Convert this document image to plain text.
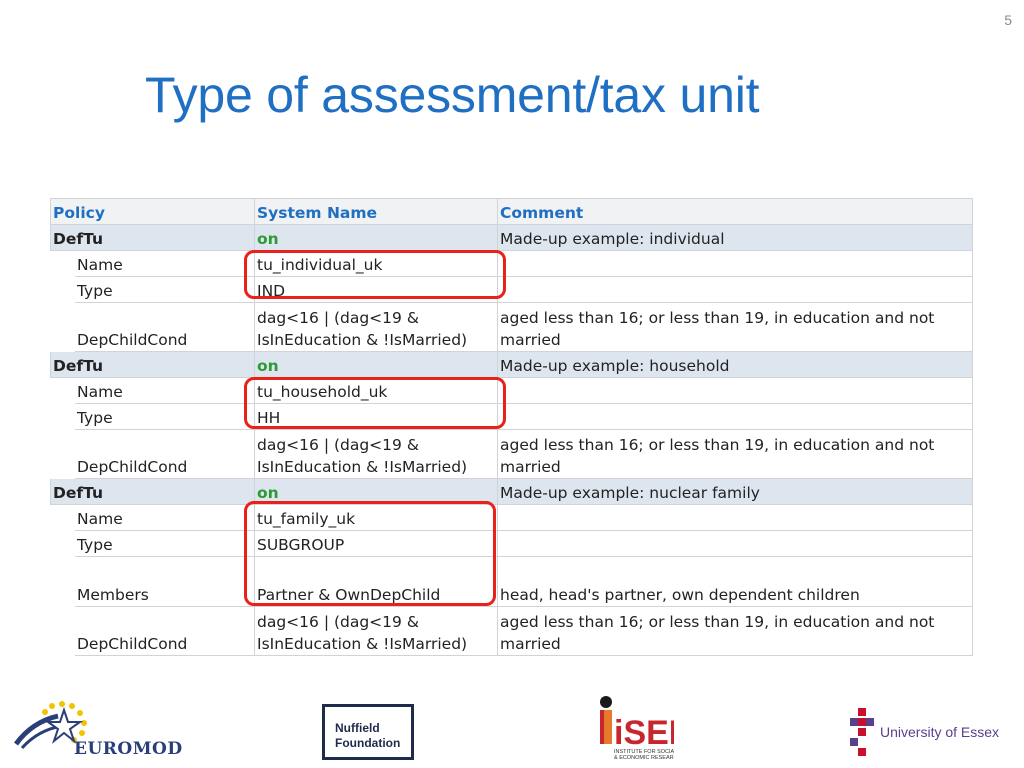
5
Type of assessment/tax unit
Policy		System Name	Comment
DefTu		on	Made-up example: individual
	Name	tu_individual_uk	
	Type	IND	
	DepChildCond	dag<16 | (dag<19 &
IsInEducation & !IsMarried)	aged less than 16; or less than 19, in education and not
married

DefTu		on	Made-up example: household
	Name	tu_household_uk	
	Type	HH	
	DepChildCond	dag<16 | (dag<19 &
IsInEducation & !IsMarried)	aged less than 16; or less than 19, in education and not
married

DefTu		on	Made-up example: nuclear family
	Name	tu_family_uk	
	Type	SUBGROUP	
	Members	Partner & OwnDepChild	head, head's partner, own dependent children
	DepChildCond	dag<16 | (dag<19 &
IsInEducation & !IsMarried)	aged less than 16; or less than 19, in education and not
married
EUROMOD
Nuffield
Foundation	iSE
INSTITUTE FOR SOCIAL
& ECONOMIC RESEAR
University of Essex
